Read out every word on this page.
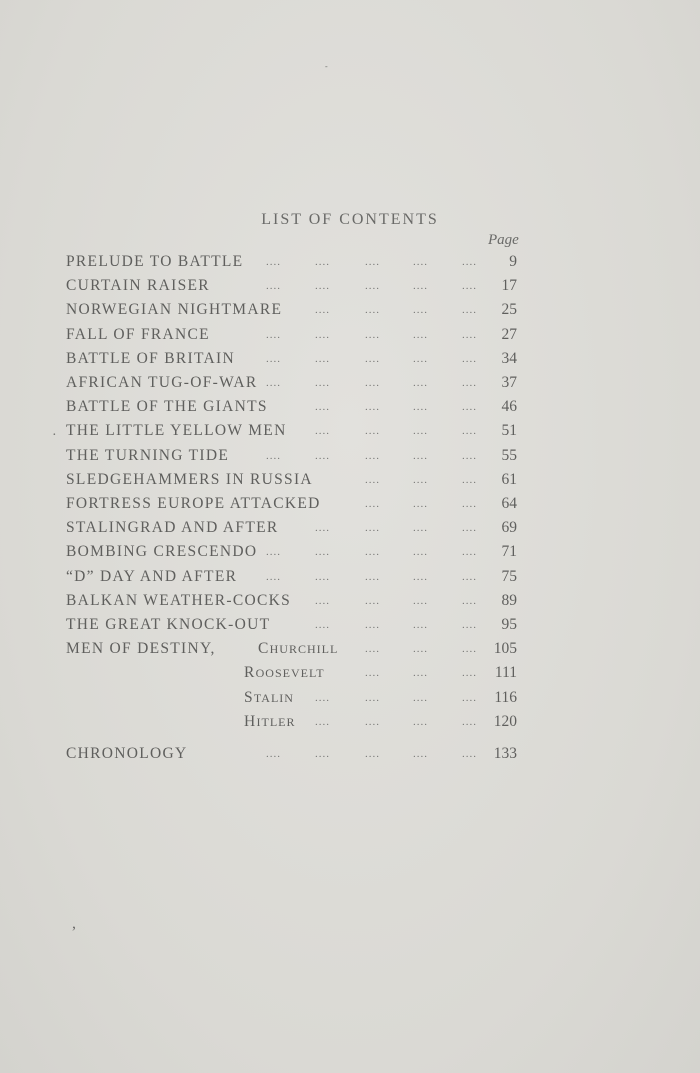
LIST OF CONTENTS
Page
PRELUDE TO BATTLE ....	....	....	....	....	9
CURTAIN RAISER	....	....	....	....	....	17
NORWEGIAN NIGHTMARE	....	....	....	....	25
FALL OF FRANCE	....	....	....	....	....	27
BATTLE OF BRITAIN	....	....	....	....	....	34
AFRICAN TUG-OF-WAR ....	....	....	....	....	37
BATTLE OF THE GIANTS	....	....	....	....	46
THE LITTLE YELLOW MEN	....	....	....	....	51
THE TURNING TIDE	....	....	....	....	....	55
SLEDGEHAMMERS IN RUSSIA	....	....	....	61
FORTRESS EUROPE ATTACKED	....	....	....	64
STALINGRAD AND AFTER	....	....	....	....	69
BOMBING CRESCENDO ....	....	....	....	....	71
“D” DAY AND AFTER	....	....	....	....	....	75
BALKAN WEATHER-COCKS ....	....	....	....	89
THE GREAT KNOCK-OUT	....	....	....	....	95
MEN OF DESTINY,	CHURCHILL ....	....	....	105
ROOSEVELT	....	....	....	111
STALIN ....	....	....	....	116
HITLER ....	....	....	....	120
CHRONOLOGY	....	....	....	....	....	133
-
·
,
